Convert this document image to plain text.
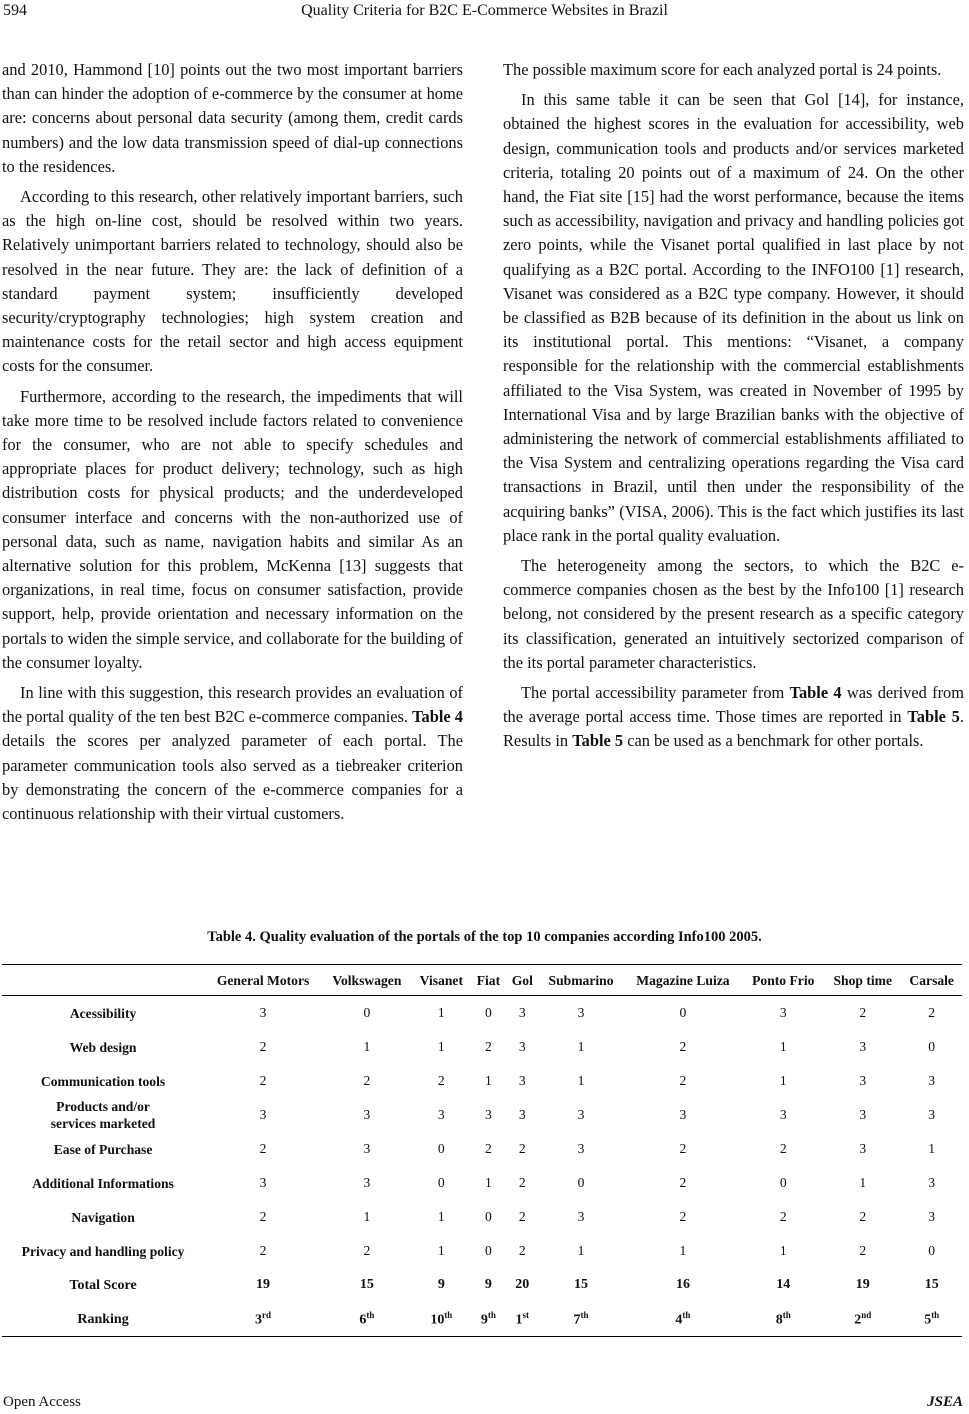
594	Quality Criteria for B2C E-Commerce Websites in Brazil

and 2010, Hammond [10] points out the two most important barriers than can hinder the adoption of e-commerce by the consumer at home are: concerns about personal data security (among them, credit cards numbers) and the low data transmission speed of dial-up connections to the residences.

According to this research, other relatively important barriers, such as the high on-line cost, should be resolved within two years. Relatively unimportant barriers related to technology, should also be resolved in the near future. They are: the lack of definition of a standard payment system; insufficiently developed security/cryptography technologies; high system creation and maintenance costs for the retail sector and high access equipment costs for the consumer.

Furthermore, according to the research, the impediments that will take more time to be resolved include factors related to convenience for the consumer, who are not able to specify schedules and appropriate places for product delivery; technology, such as high distribution costs for physical products; and the underdeveloped consumer interface and concerns with the non-authorized use of personal data, such as name, navigation habits and similar As an alternative solution for this problem, McKenna [13] suggests that organizations, in real time, focus on consumer satisfaction, provide support, help, provide orientation and necessary information on the portals to widen the simple service, and collaborate for the building of the consumer loyalty.

In line with this suggestion, this research provides an evaluation of the portal quality of the ten best B2C e-commerce companies. Table 4 details the scores per analyzed parameter of each portal. The parameter communication tools also served as a tiebreaker criterion by demonstrating the concern of the e-commerce companies for a continuous relationship with their virtual customers.

The possible maximum score for each analyzed portal is 24 points.

In this same table it can be seen that Gol [14], for instance, obtained the highest scores in the evaluation for accessibility, web design, communication tools and products and/or services marketed criteria, totaling 20 points out of a maximum of 24. On the other hand, the Fiat site [15] had the worst performance, because the items such as accessibility, navigation and privacy and handling policies got zero points, while the Visanet portal qualified in last place by not qualifying as a B2C portal. According to the INFO100 [1] research, Visanet was considered as a B2C type company. However, it should be classified as B2B because of its definition in the about us link on its institutional portal. This mentions: “Visanet, a company responsible for the relationship with the commercial establishments affiliated to the Visa System, was created in November of 1995 by International Visa and by large Brazilian banks with the objective of administering the network of commercial establishments affiliated to the Visa System and centralizing operations regarding the Visa card transactions in Brazil, until then under the responsibility of the acquiring banks” (VISA, 2006). This is the fact which justifies its last place rank in the portal quality evaluation.

The heterogeneity among the sectors, to which the B2C e-commerce companies chosen as the best by the Info100 [1] research belong, not considered by the present research as a specific category its classification, generated an intuitively sectorized comparison of the its portal parameter characteristics.

The portal accessibility parameter from Table 4 was derived from the average portal access time. Those times are reported in Table 5. Results in Table 5 can be used as a benchmark for other portals.

Table 4. Quality evaluation of the portals of the top 10 companies according Info100 2005.
	General Motors	Volkswagen	Visanet	Fiat	Gol	Submarino	Magazine Luiza	Ponto Frio	Shop time	Carsale
Acessibility	3	0	1	0	3	3	0	3	2	2
Web design	2	1	1	2	3	1	2	1	3	0
Communication tools	2	2	2	1	3	1	2	1	3	3
Products and/or
services marketed	3	3	3	3	3	3	3	3	3	3
Ease of Purchase	2	3	0	2	2	3	2	2	3	1
Additional Informations	3	3	0	1	2	0	2	0	1	3
Navigation	2	1	1	0	2	3	2	2	2	3
Privacy and handling policy	2	2	1	0	2	1	1	1	2	0
Total Score	19	15	9	9	20	15	16	14	19	15
Ranking	3rd	6th	10th	9th	1st	7th	4th	8th	2nd	5th
Open Access	JSEA
